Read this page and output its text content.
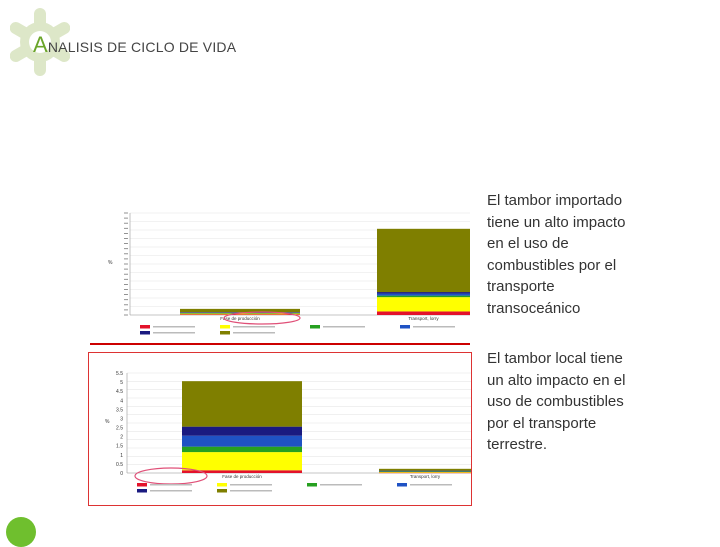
ANALISIS DE CICLO DE VIDA
%
Fase de producción	Transport, lorry
5.5
5
4.5
4
3.5
3
2.5
2
1.5
1
0.5
0
%
Fase de producción	Transport, lorry
El tambor importado tiene un alto impacto en el uso de combustibles por el transporte transoceánico
El tambor local tiene un alto impacto en el uso de combustibles por el transporte terrestre.
